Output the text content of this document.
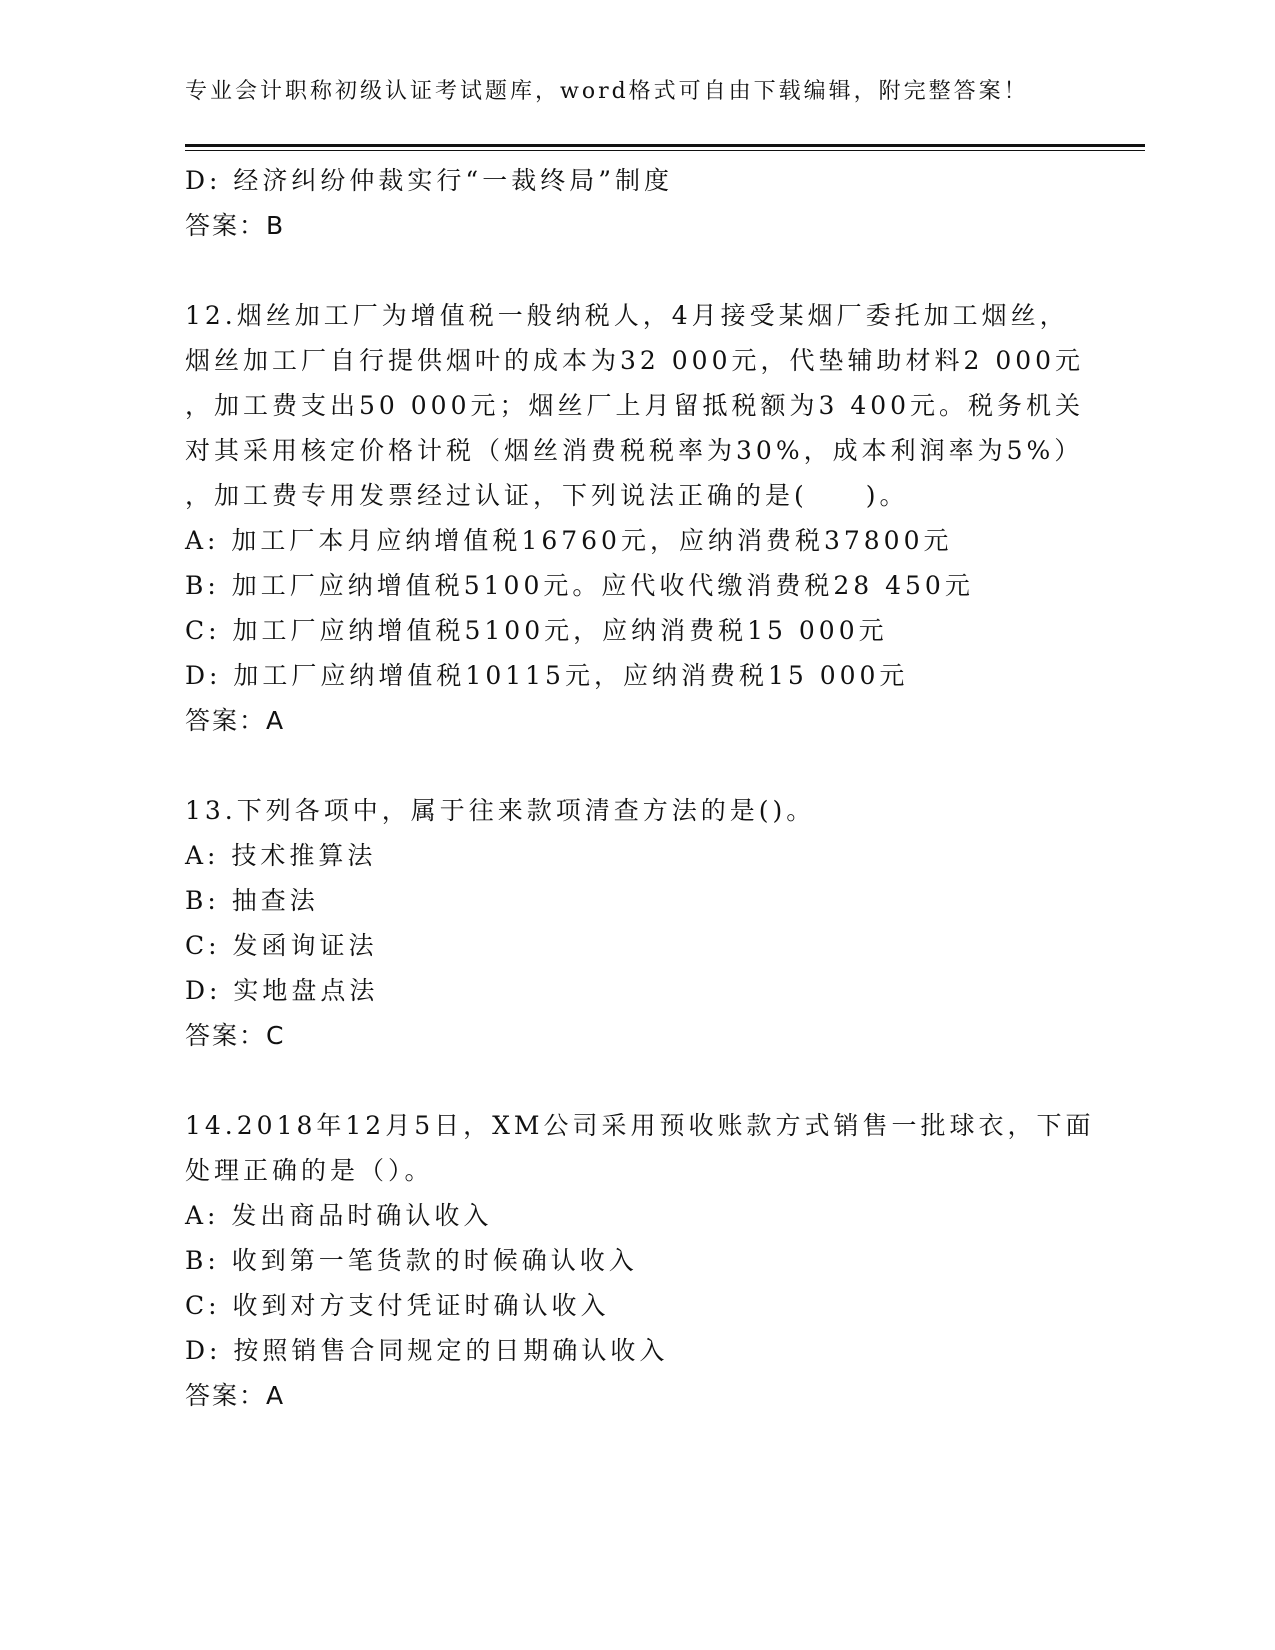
专业会计职称初级认证考试题库，word格式可自由下载编辑，附完整答案！
D: 经济纠纷仲裁实行“一裁终局”制度
答案：B
12.烟丝加工厂为增值税一般纳税人，4月接受某烟厂委托加工烟丝，
烟丝加工厂自行提供烟叶的成本为32 000元，代垫辅助材料2 000元
，加工费支出50 000元；烟丝厂上月留抵税额为3 400元。税务机关
对其采用核定价格计税（烟丝消费税税率为30%，成本利润率为5%）
，加工费专用发票经过认证，下列说法正确的是(　　)。
A: 加工厂本月应纳增值税16760元，应纳消费税37800元
B: 加工厂应纳增值税5100元。应代收代缴消费税28 450元
C: 加工厂应纳增值税5100元，应纳消费税15 000元
D: 加工厂应纳增值税10115元，应纳消费税15 000元
答案：A
13.下列各项中，属于往来款项清查方法的是()。
A: 技术推算法
B: 抽查法
C: 发函询证法
D: 实地盘点法
答案：C
14.2018年12月5日，XM公司采用预收账款方式销售一批球衣，下面
处理正确的是（）。
A: 发出商品时确认收入
B: 收到第一笔货款的时候确认收入
C: 收到对方支付凭证时确认收入
D: 按照销售合同规定的日期确认收入
答案：A
